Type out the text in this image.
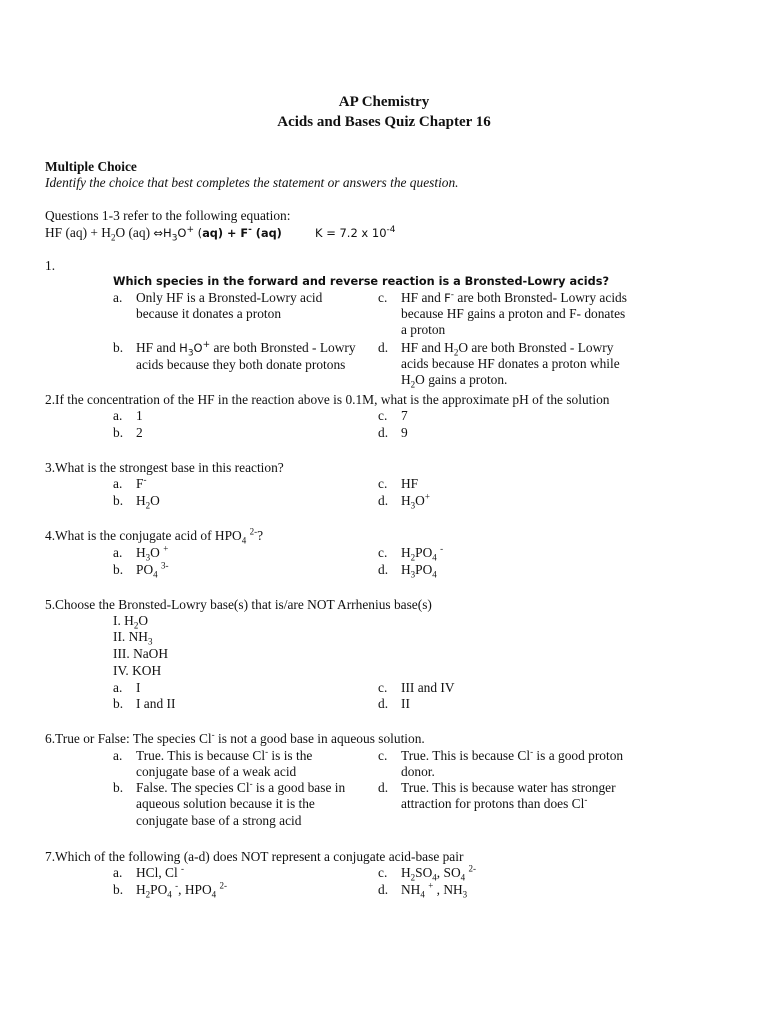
AP Chemistry
Acids and Bases Quiz Chapter 16
Multiple Choice
Identify the choice that best completes the statement or answers the question.
Questions 1-3 refer to the following equation:
HF $(aq) + H_2O$ (aq) $\Leftrightarrow H_3O^+$ (aq) + F- (aq)	K = 7.2 x $10^{-4}$
1.
Which species in the forward and reverse reaction is a Bronsted-Lowry acids?
a. Only HF is a Bronsted-Lowry acid
because it donates a proton
c. HF and F- are both Bronsted- Lowry acids
because HF gains a proton and F- donates
a proton
b. HF and $H_3O^+$ are both Bronsted - Lowry
acids because they both donate protons
d. HF and $H_2O$ are both Bronsted - Lowry
acids because HF donates a proton while
$H_2O$ gains a proton.
2.If the concentration of the HF in the reaction above is 0.1M, what is the approximate pH of the solution
a. 1	c. 7
b. 2	d. 9
3.What is the strongest base in this reaction?
a. F-	c. HF
b. $H_2O$	d. $H_3O^+$
4.What is the conjugate acid of $HPO_4$ $^{2-}$?
a. $H_3O$ +	c. $H_2PO_4$ -
b. $PO_4$ $^{3-}$	d. $H_3PO_4$
5.Choose the Bronsted-Lowry base(s) that is/are NOT Arrhenius base(s)
I. $H_2O$
II. $NH_3$
III. NaOH
IV. KOH
a. I	c. III and IV
b. I and II	d. II
6.True or False: The species Cl- is not a good base in aqueous solution.
a. True. This is because Cl- is is the
conjugate base of a weak acid
c. True. This is because Cl- is a good proton
donor.
b. False. The species Cl- is a good base in
aqueous solution because it is the
conjugate base of a strong acid
d. True. This is because water has stronger
attraction for protons than does Cl-
7.Which of the following (a-d) does NOT represent a conjugate acid-base pair
a. HCl, Cl -	c. $H_2SO_4$, $SO_4$ $^{2-}$
b. $H_2PO_4$ -, $HPO_4$ $^{2-}$	d. $NH_4$ + , $NH_3$
